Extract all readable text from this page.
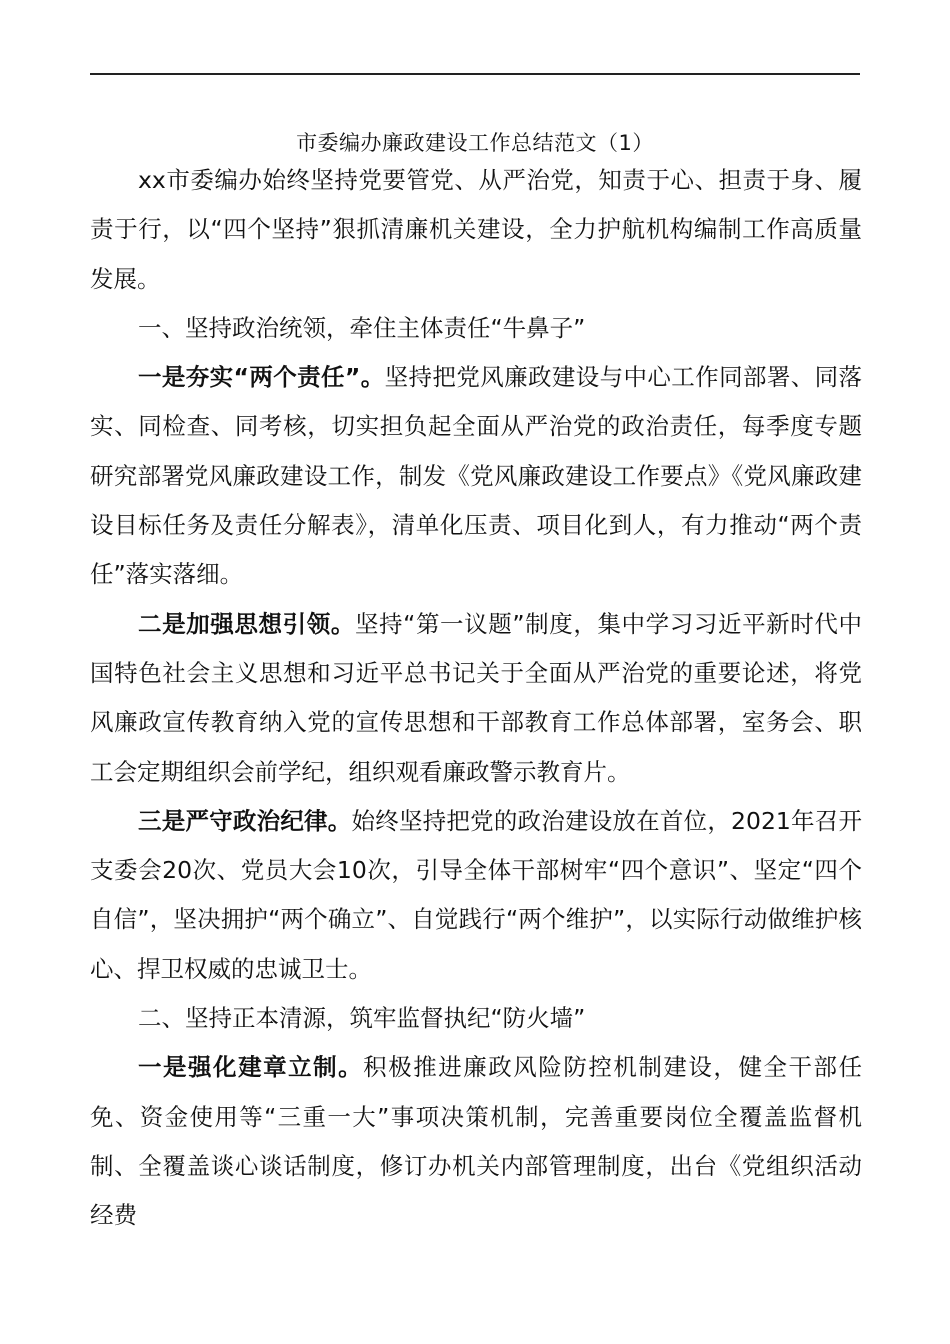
市委编办廉政建设工作总结范文（1）

xx市委编办始终坚持党要管党、从严治党，知责于心、担责于身、履责于行，以“四个坚持”狠抓清廉机关建设，全力护航机构编制工作高质量发展。

一、坚持政治统领，牵住主体责任“牛鼻子”

一是夯实“两个责任”。坚持把党风廉政建设与中心工作同部署、同落实、同检查、同考核，切实担负起全面从严治党的政治责任，每季度专题研究部署党风廉政建设工作，制发《党风廉政建设工作要点》《党风廉政建设目标任务及责任分解表》，清单化压责、项目化到人，有力推动“两个责任”落实落细。

二是加强思想引领。坚持“第一议题”制度，集中学习习近平新时代中国特色社会主义思想和习近平总书记关于全面从严治党的重要论述，将党风廉政宣传教育纳入党的宣传思想和干部教育工作总体部署，室务会、职工会定期组织会前学纪，组织观看廉政警示教育片。

三是严守政治纪律。始终坚持把党的政治建设放在首位，2021年召开支委会20次、党员大会10次，引导全体干部树牢“四个意识”、坚定“四个自信”，坚决拥护“两个确立”、自觉践行“两个维护”，以实际行动做维护核心、捍卫权威的忠诚卫士。

二、坚持正本清源，筑牢监督执纪“防火墙”

一是强化建章立制。积极推进廉政风险防控机制建设，健全干部任免、资金使用等“三重一大”事项决策机制，完善重要岗位全覆盖监督机制、全覆盖谈心谈话制度，修订办机关内部管理制度，出台《党组织活动经费
